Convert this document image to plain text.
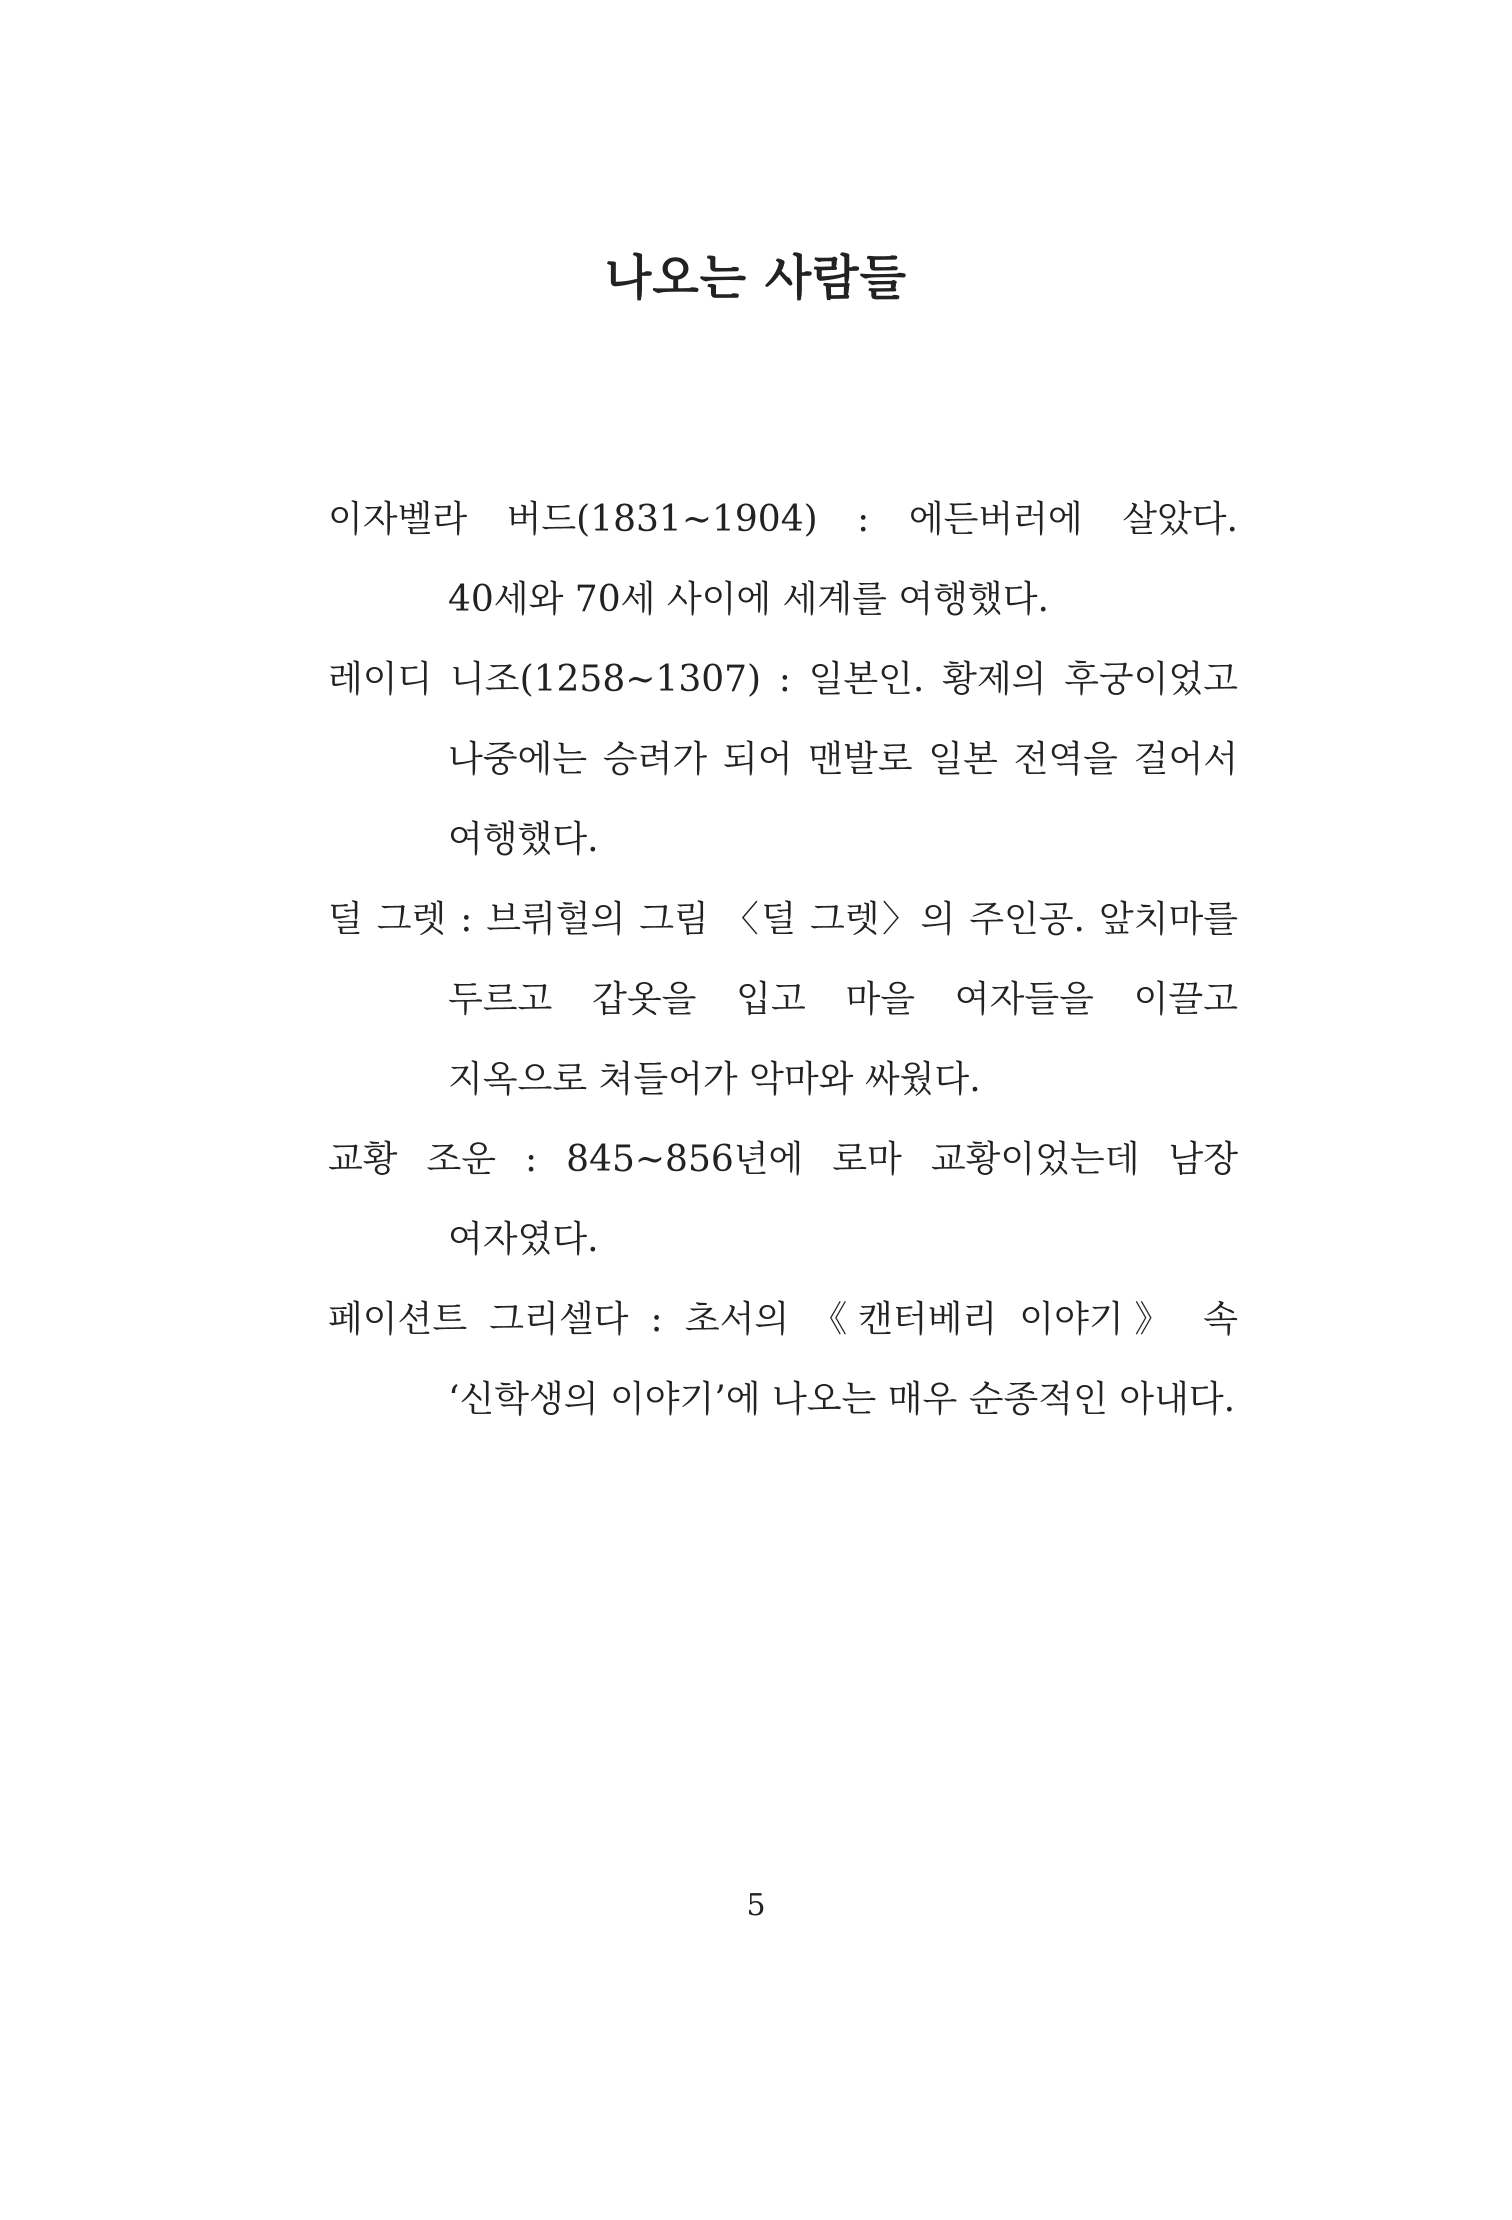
나오는 사람들
이자벨라 버드(1831~1904) : 에든버러에 살았다. 40세와 70세 사이에 세계를 여행했다.
레이디 니조(1258~1307) : 일본인. 황제의 후궁이었고 나중에는 승려가 되어 맨발로 일본 전역을 걸어서 여행했다.
덜 그렛 : 브뤼헐의 그림 〈덜 그렛〉의 주인공. 앞치마를 두르고 갑옷을 입고 마을 여자들을 이끌고 지옥으로 쳐들어가 악마와 싸웠다.
교황 조운 : 845~856년에 로마 교황이었는데 남장 여자였다.
페이션트 그리셀다 : 초서의 《캔터베리 이야기》 속 ‘신학생의 이야기’에 나오는 매우 순종적인 아내다.
5
